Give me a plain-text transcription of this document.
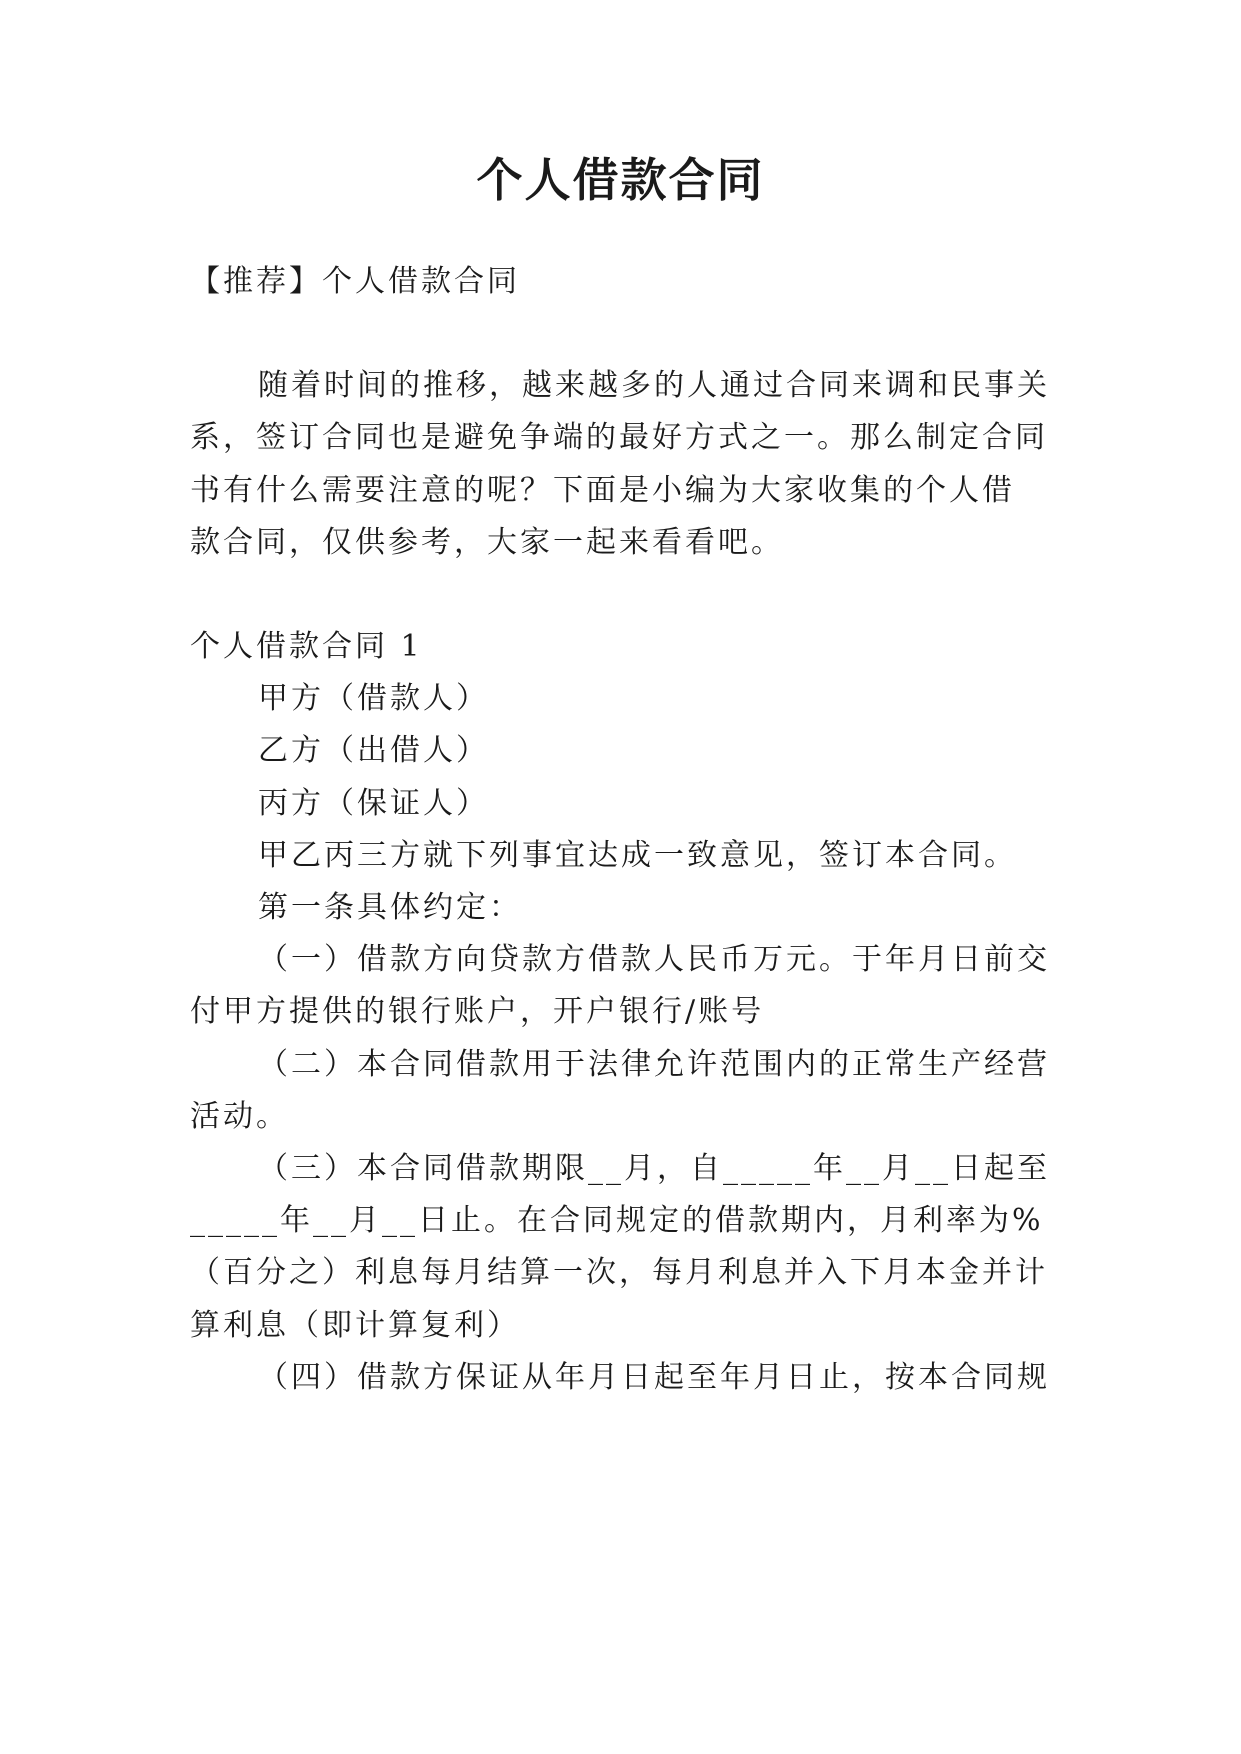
个人借款合同
【推荐】个人借款合同
随着时间的推移，越来越多的人通过合同来调和民事关
系，签订合同也是避免争端的最好方式之一。那么制定合同
书有什么需要注意的呢？下面是小编为大家收集的个人借
款合同，仅供参考，大家一起来看看吧。
个人借款合同 1
甲方（借款人）
乙方（出借人）
丙方（保证人）
甲乙丙三方就下列事宜达成一致意见，签订本合同。
第一条具体约定：
（一）借款方向贷款方借款人民币万元。于年月日前交
付甲方提供的银行账户，开户银行/账号
（二）本合同借款用于法律允许范围内的正常生产经营
活动。
（三）本合同借款期限__月，自_____年__月__日起至
_____年__月__日止。在合同规定的借款期内，月利率为%
（百分之）利息每月结算一次，每月利息并入下月本金并计
算利息（即计算复利）
（四）借款方保证从年月日起至年月日止，按本合同规
